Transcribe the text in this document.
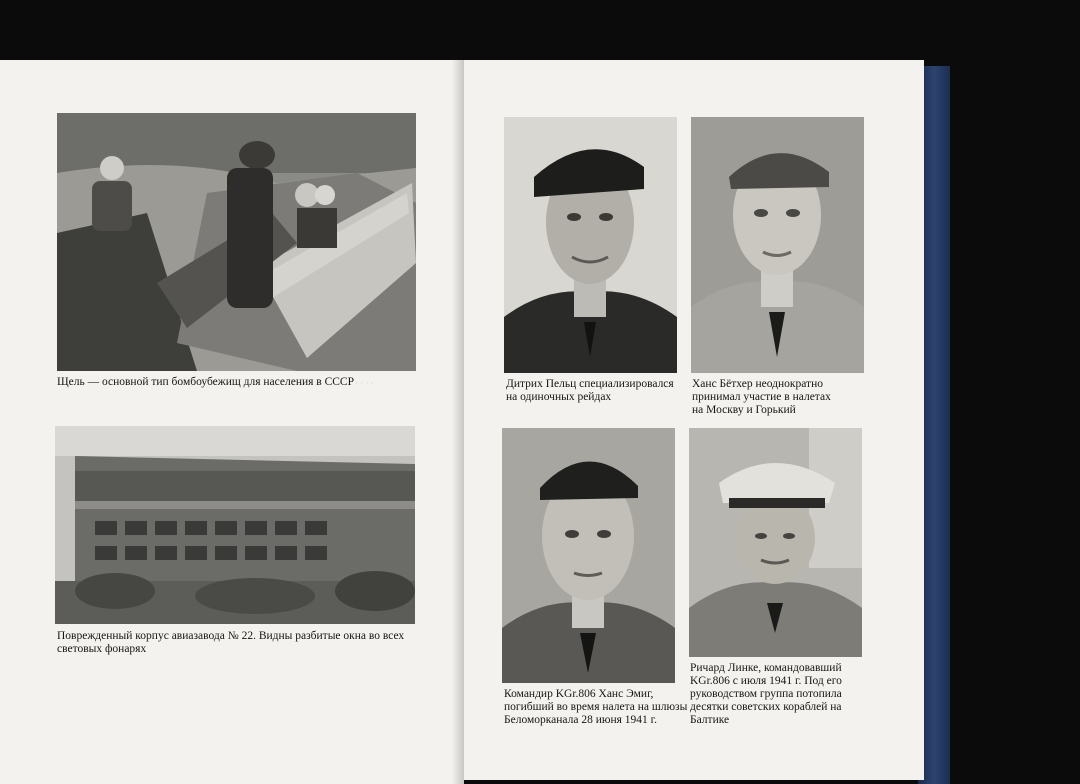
Щель — основной тип бомбоубежищ для населения в СССР · · · ·

Поврежденный корпус авиазавода № 22. Видны разбитые окна во всех

световых фонарях

Дитрих Пельц специализировался

на одиночных рейдах

Ханс Бётхер неоднократно

принимал участие в налетах

на Москву и Горький

Командир KGr.806 Ханс Эмиг,

погибший во время налета на шлюзы

Беломорканала 28 июня 1941 г.

Ричард Линке, командовавший

KGr.806 с июля 1941 г. Под его

руководством группа потопила

десятки советских кораблей на

Балтике
